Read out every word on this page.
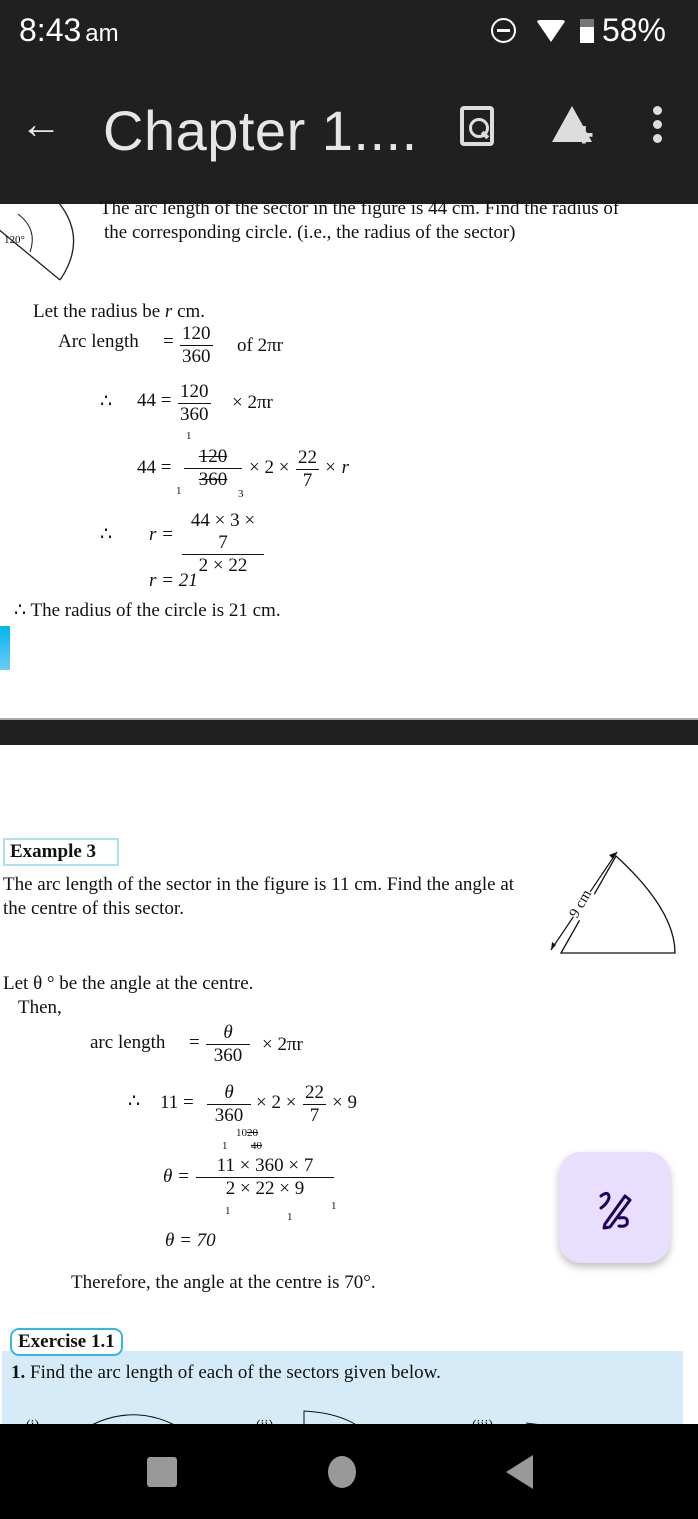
8:43 am	58%
← Chapter 1....	+
120°
The arc length of the sector in the figure is 44 cm. Find the radius of
the corresponding circle. (i.e., the radius of the sector)
Let the radius be r cm.
Arc length = $\frac{120}{360}$ of 2πr
∴ $44 = \frac{120}{360} \times 2\pi r$
1
$44 = \frac{120}{360}$
1	3
× $2 \times \frac{22}{7} \times r$
∴ $r = \frac{44 \times 3 \times 7}{2 \times 22}$
r = 21
∴ The radius of the circle is 21 cm.
Example 3
The arc length of the sector in the figure is 11 cm. Find the angle at
the centre of this sector.	9 cm
Let θ ° be the angle at the centre.
Then,
arc length = $\frac{\theta}{360} \times 2\pi r$
∴ $11 = \frac{\theta}{360} \times 2 \times \frac{22}{7} \times 9$
1020
40
1
$\theta = \frac{11 \times 360 \times 7}{2 \times 22 \times 9}$
1	1
1
θ = 70
Therefore, the angle at the centre is 70°.
Exercise 1.1
1. Find the arc length of each of the sectors given below.
